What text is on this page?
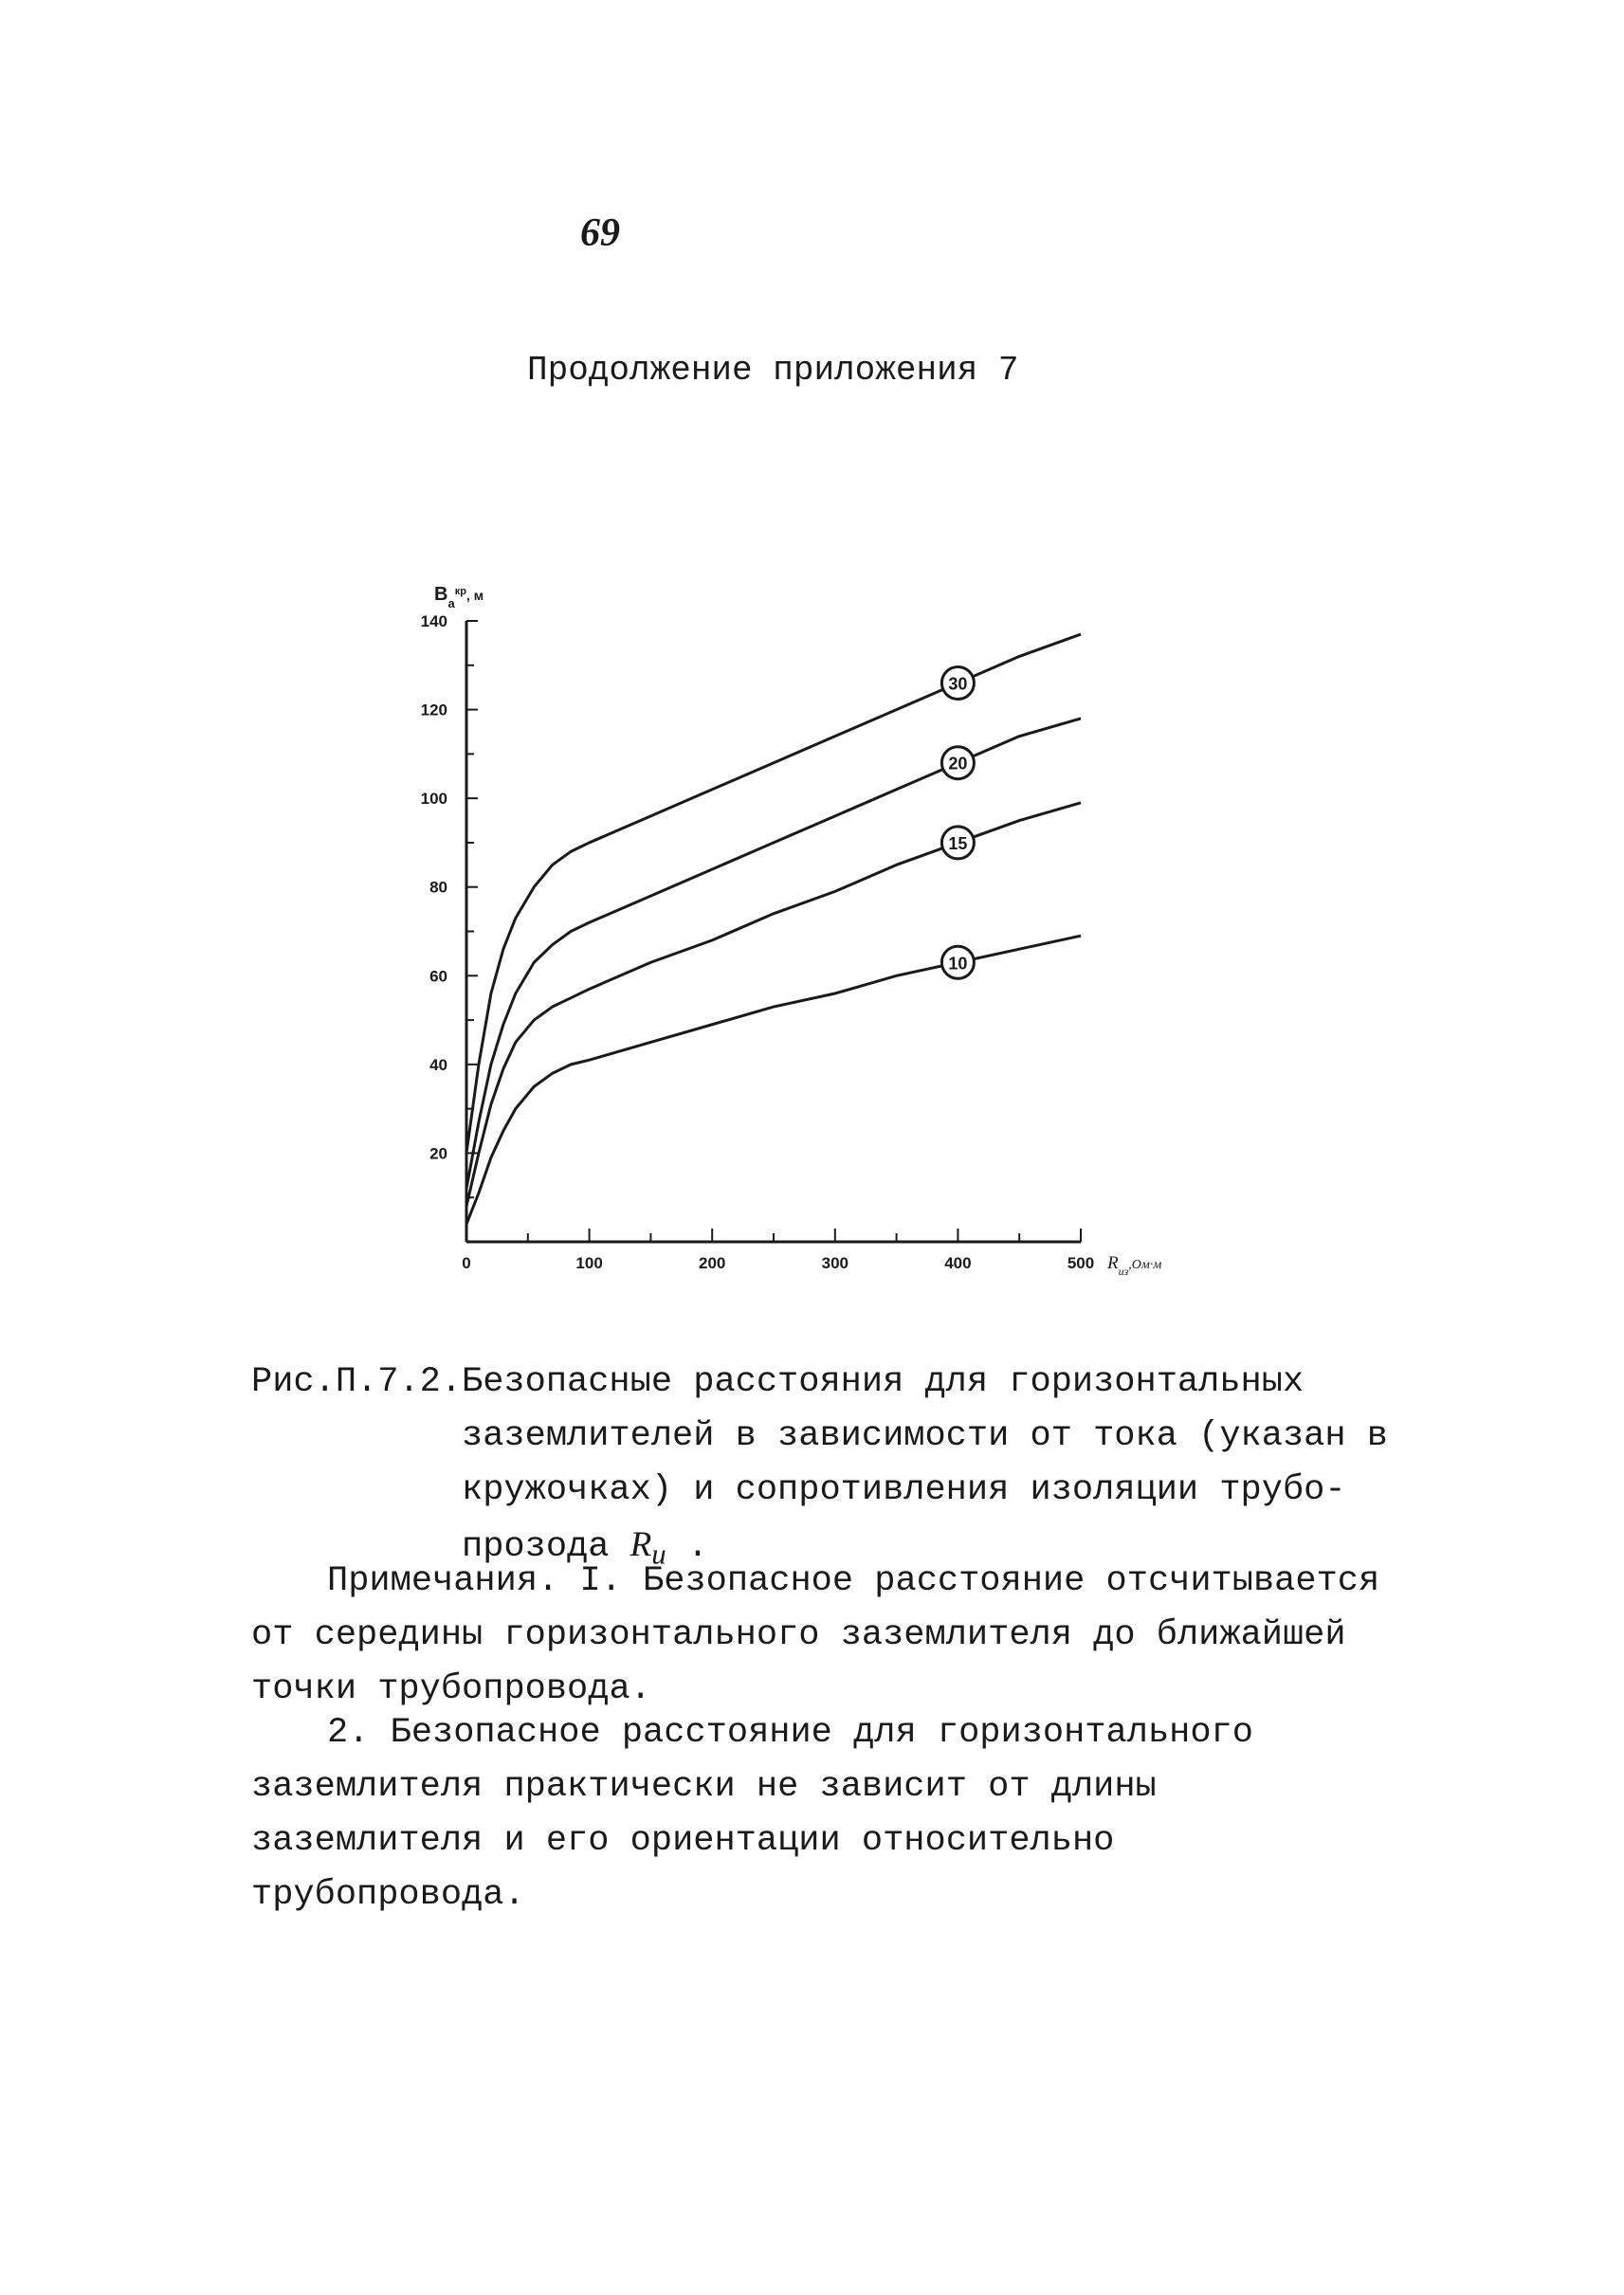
69
Продолжение приложения 7
20
40
60
80
100
120
140
0	100	200	300	400	500
$В_а^{кр}$, м
$R_{из},Ом\cdot м$
30
20
15
10
Рис.П.7.2. Безопасные расстояния для горизонтальных заземлителей в зависимости от тока (указан в кружочках) и сопротивления изоляции трубо-прозода $R_и$ .
Примечания. I. Безопасное расстояние отсчитывается от середины горизонтального заземлителя до ближайшей точки трубопровода.
2. Безопасное расстояние для горизонтального заземлителя практически не зависит от длины заземлителя и его ориентации относительно трубопровода.
